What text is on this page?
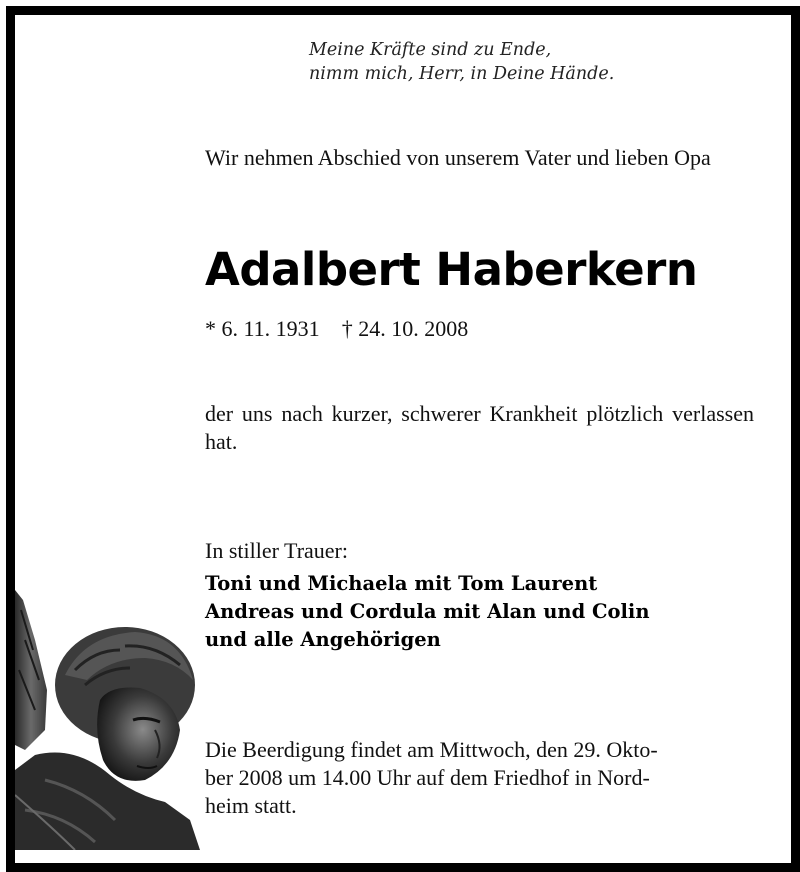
Meine Kräfte sind zu Ende,
nimm mich, Herr, in Deine Hände.
Wir nehmen Abschied von unserem Vater und lieben Opa
Adalbert Haberkern
* 6. 11. 1931 † 24. 10. 2008
der uns nach kurzer, schwerer Krankheit plötzlich verlassen hat.
In stiller Trauer:
Toni und Michaela mit Tom Laurent
Andreas und Cordula mit Alan und Colin
und alle Angehörigen
Die Beerdigung findet am Mittwoch, den 29. Okto-
ber 2008 um 14.00 Uhr auf dem Friedhof in Nord-
heim statt.
